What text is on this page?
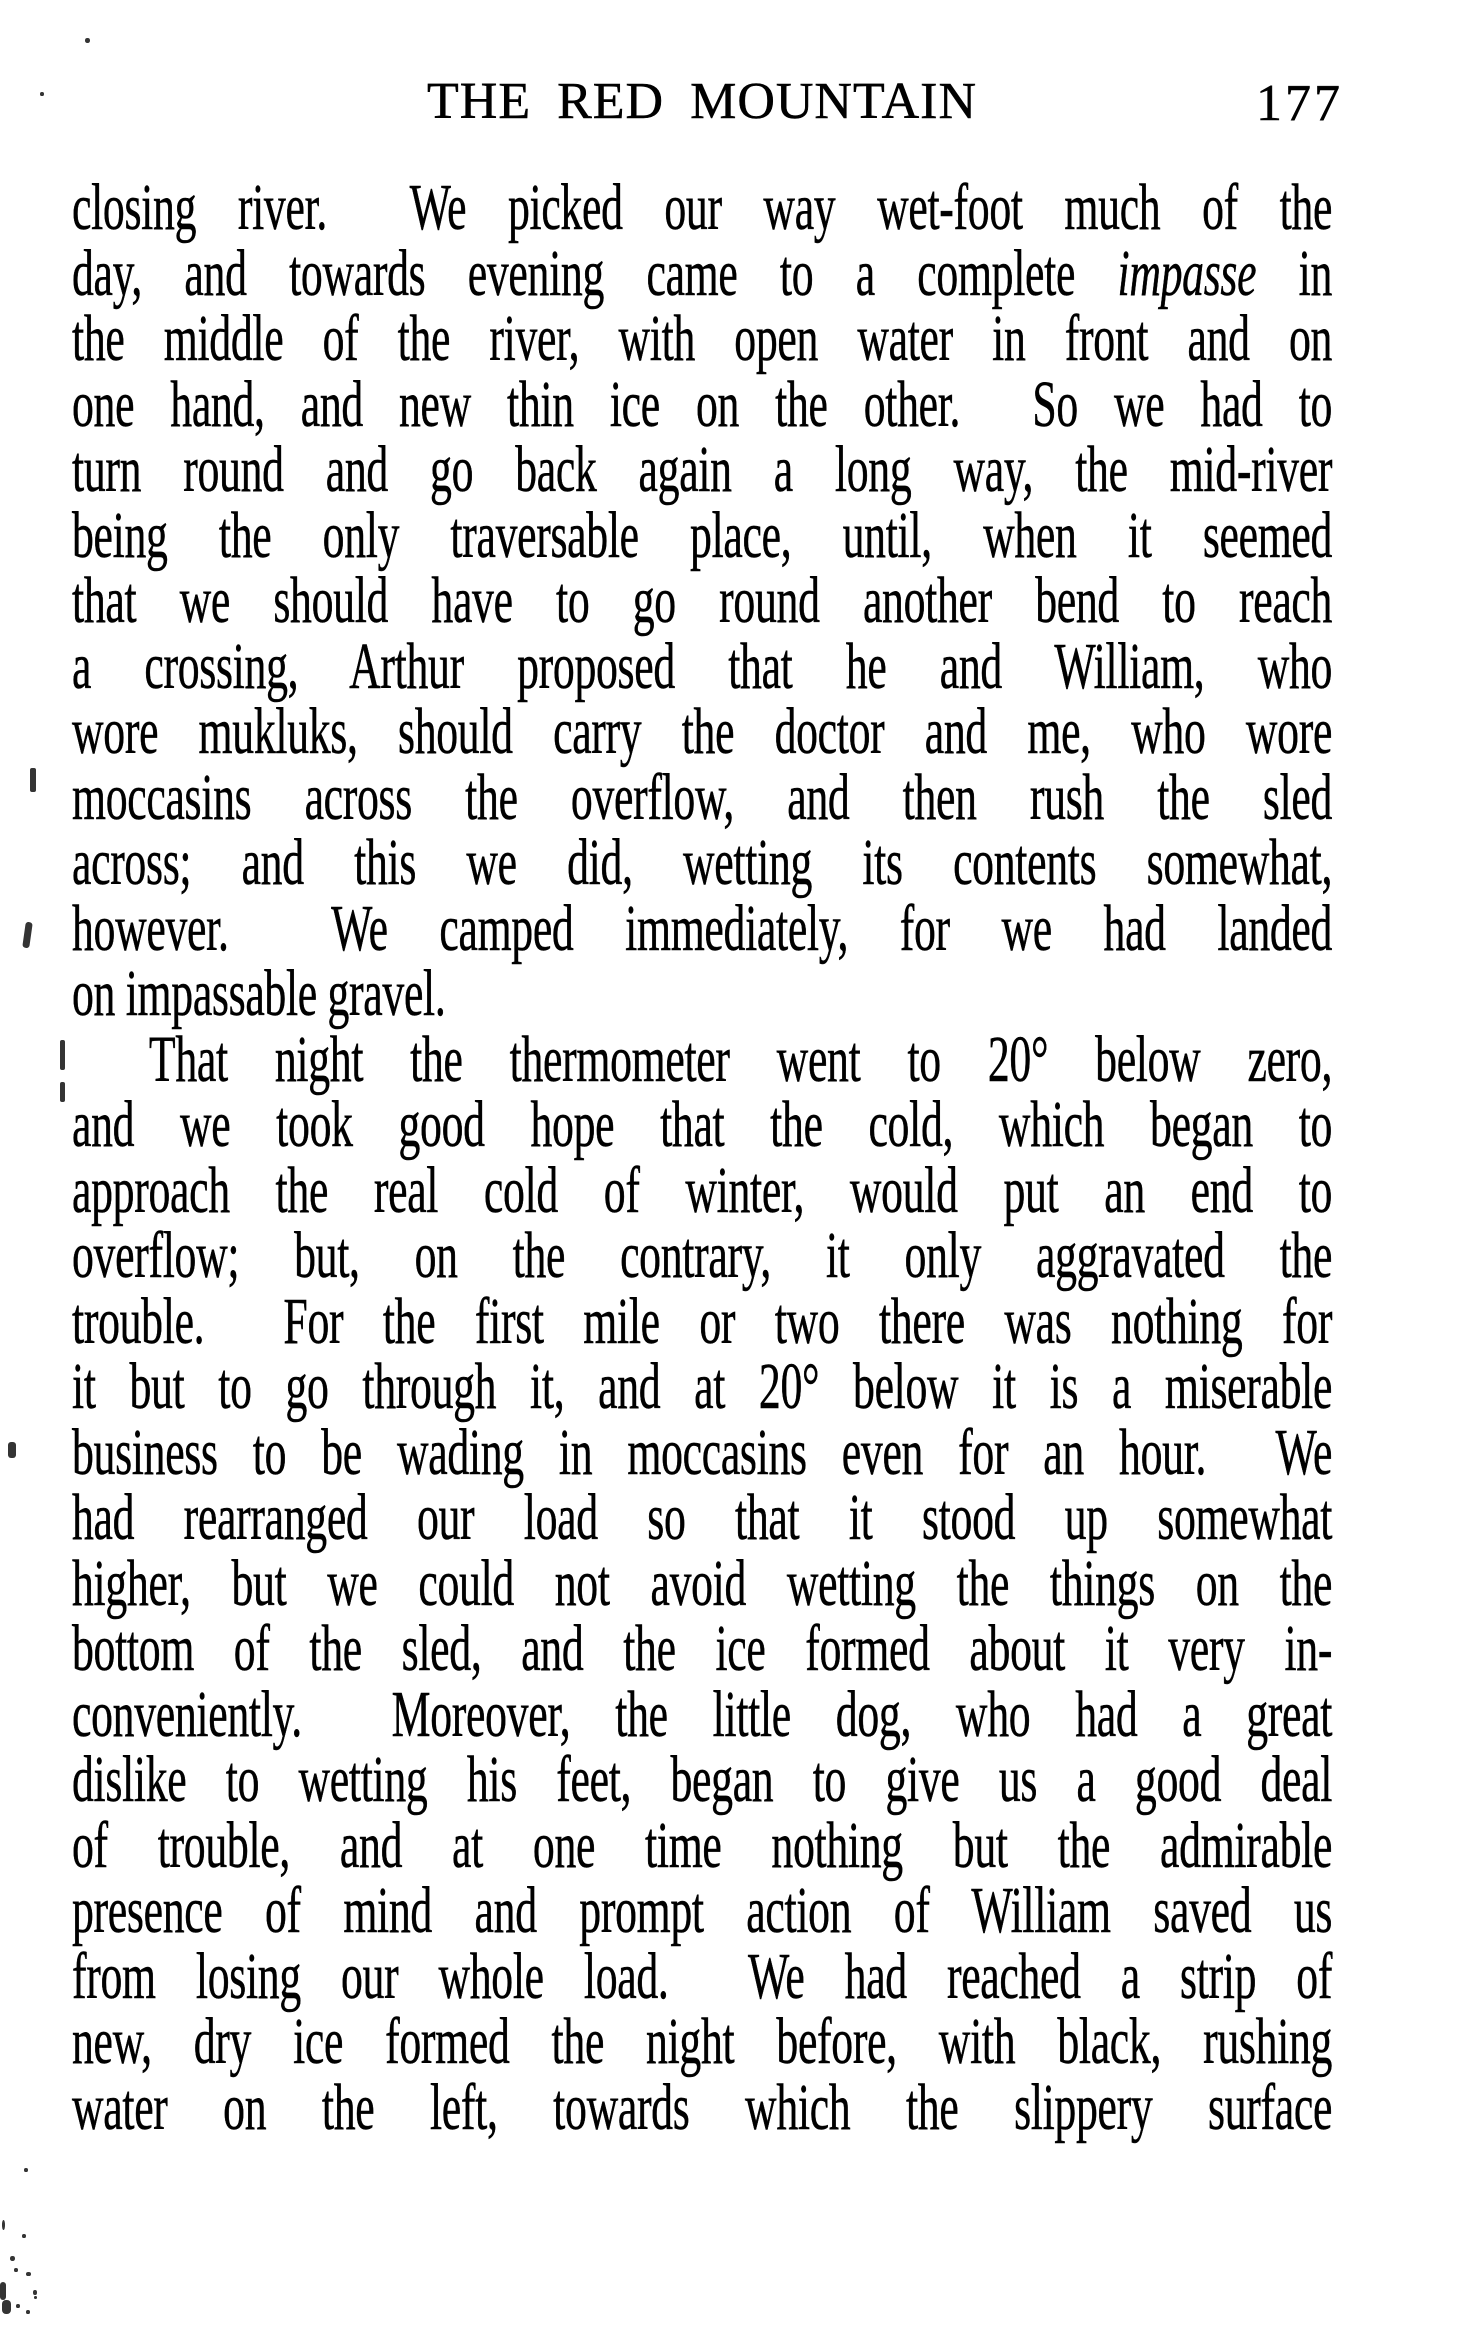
THE RED MOUNTAIN	177

closing river.  We picked our way wet-foot much of the

day, and towards evening came to a complete impasse in

the middle of the river, with open water in front and on

one hand, and new thin ice on the other.  So we had to

turn round and go back again a long way, the mid-river

being the only traversable place, until, when it seemed

that we should have to go round another bend to reach

a crossing, Arthur proposed that he and William, who

wore mukluks, should carry the doctor and me, who wore

moccasins across the overflow, and then rush the sled

across; and this we did, wetting its contents somewhat,

however.  We camped immediately, for we had landed

on impassable gravel.

That night the thermometer went to 20° below zero,

and we took good hope that the cold, which began to

approach the real cold of winter, would put an end to

overflow; but, on the contrary, it only aggravated the

trouble.  For the first mile or two there was nothing for

it but to go through it, and at 20° below it is a miserable

business to be wading in moccasins even for an hour.  We

had rearranged our load so that it stood up somewhat

higher, but we could not avoid wetting the things on the

bottom of the sled, and the ice formed about it very in-

conveniently.  Moreover, the little dog, who had a great

dislike to wetting his feet, began to give us a good deal

of trouble, and at one time nothing but the admirable

presence of mind and prompt action of William saved us

from losing our whole load.  We had reached a strip of

new, dry ice formed the night before, with black, rushing

water on the left, towards which the slippery surface
